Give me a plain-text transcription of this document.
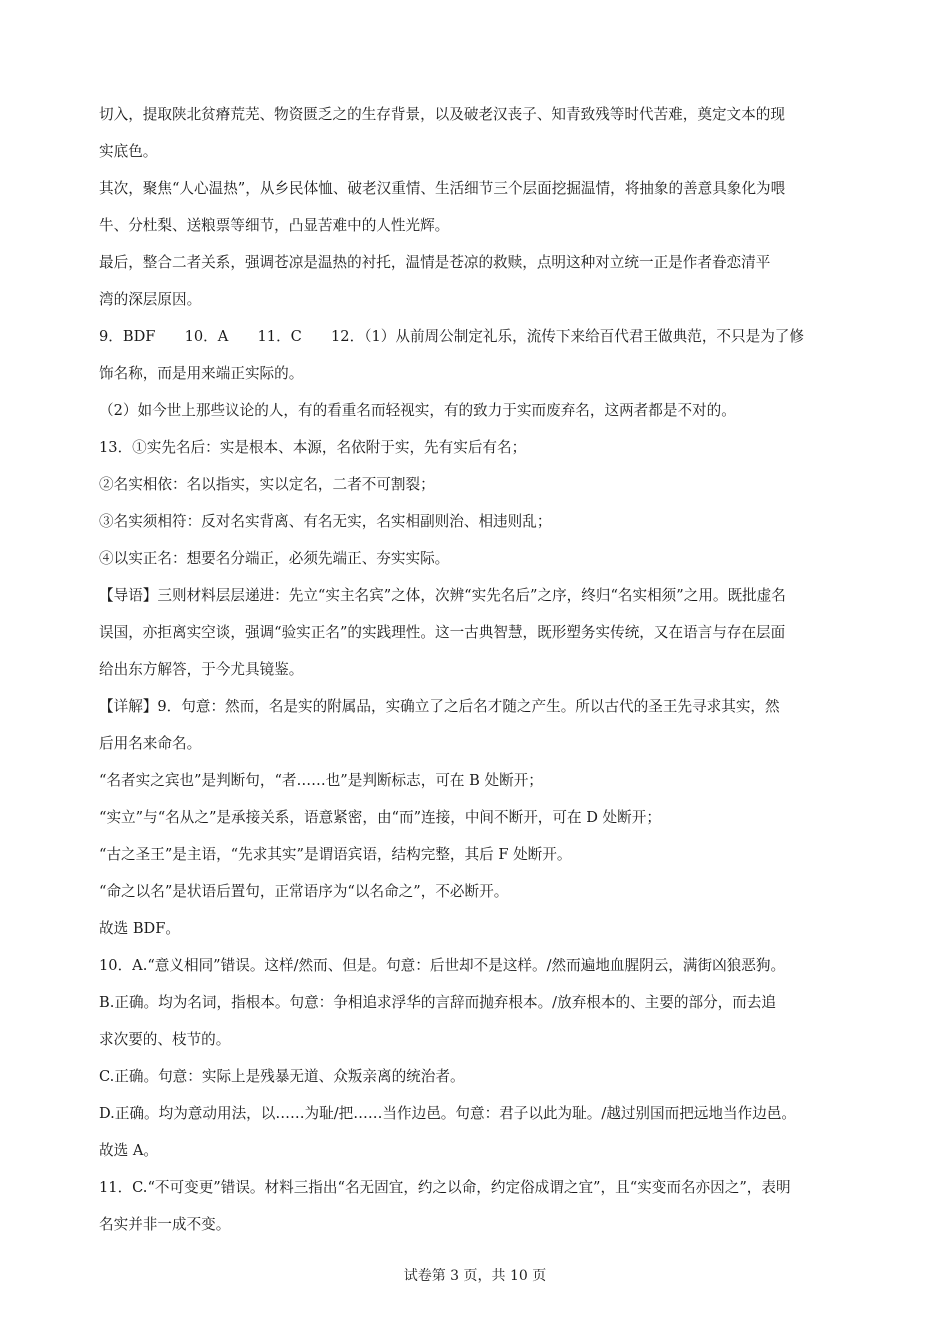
切入，提取陕北贫瘠荒芜、物资匮乏之的生存背景，以及破老汉丧子、知青致残等时代苦难，奠定文本的现
实底色。
其次，聚焦“人心温热”，从乡民体恤、破老汉重情、生活细节三个层面挖掘温情，将抽象的善意具象化为喂
牛、分杜梨、送粮票等细节，凸显苦难中的人性光辉。
最后，整合二者关系，强调苍凉是温热的衬托，温情是苍凉的救赎，点明这种对立统一正是作者眷恋清平
湾的深层原因。
9．BDF　　10．A　　11．C　　12．（1）从前周公制定礼乐，流传下来给百代君王做典范，不只是为了修
饰名称，而是用来端正实际的。
（2）如今世上那些议论的人，有的看重名而轻视实，有的致力于实而废弃名，这两者都是不对的。
13．①实先名后：实是根本、本源，名依附于实，先有实后有名；
②名实相依：名以指实，实以定名，二者不可割裂；
③名实须相符：反对名实背离、有名无实，名实相副则治、相违则乱；
④以实正名：想要名分端正，必须先端正、夯实实际。
【导语】三则材料层层递进：先立“实主名宾”之体，次辨“实先名后”之序，终归“名实相须”之用。既批虚名
误国，亦拒离实空谈，强调“验实正名”的实践理性。这一古典智慧，既形塑务实传统，又在语言与存在层面
给出东方解答，于今尤具镜鉴。
【详解】9．句意：然而，名是实的附属品，实确立了之后名才随之产生。所以古代的圣王先寻求其实，然
后用名来命名。
“名者实之宾也”是判断句，“者……也”是判断标志，可在 B 处断开；
“实立”与“名从之”是承接关系，语意紧密，由“而”连接，中间不断开，可在 D 处断开；
“古之圣王”是主语，“先求其实”是谓语宾语，结构完整，其后 F 处断开。
“命之以名”是状语后置句，正常语序为“以名命之”，不必断开。
故选 BDF。
10．A.“意义相同”错误。这样/然而、但是。句意：后世却不是这样。/然而遍地血腥阴云，满街凶狼恶狗。
B.正确。均为名词，指根本。句意：争相追求浮华的言辞而抛弃根本。/放弃根本的、主要的部分，而去追
求次要的、枝节的。
C.正确。句意：实际上是残暴无道、众叛亲离的统治者。
D.正确。均为意动用法，以……为耻/把……当作边邑。句意：君子以此为耻。/越过别国而把远地当作边邑。
故选 A。
11．C.“不可变更”错误。材料三指出“名无固宜，约之以命，约定俗成谓之宜”，且“实变而名亦因之”，表明
名实并非一成不变。
试卷第 3 页，共 10 页
